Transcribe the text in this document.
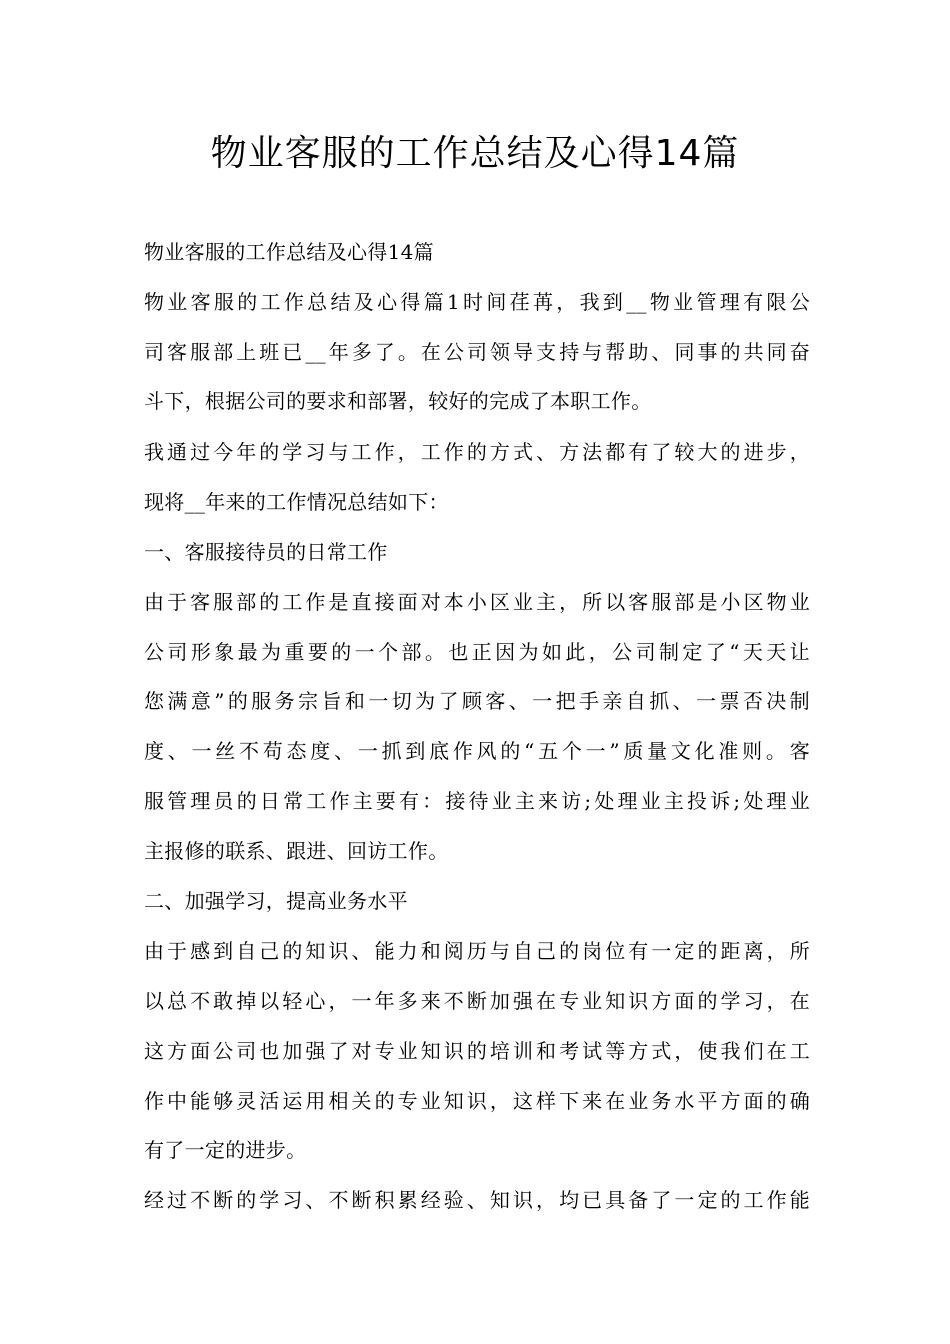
物业客服的工作总结及心得14篇

物业客服的工作总结及心得14篇

物业客服的工作总结及心得篇1时间荏苒，我到__物业管理有限公

司客服部上班已__年多了。在公司领导支持与帮助、同事的共同奋

斗下，根据公司的要求和部署，较好的完成了本职工作。

我通过今年的学习与工作，工作的方式、方法都有了较大的进步，

现将__年来的工作情况总结如下：

一、客服接待员的日常工作

由于客服部的工作是直接面对本小区业主，所以客服部是小区物业

公司形象最为重要的一个部。也正因为如此，公司制定了“天天让

您满意”的服务宗旨和一切为了顾客、一把手亲自抓、一票否决制

度、一丝不苟态度、一抓到底作风的“五个一”质量文化准则。客

服管理员的日常工作主要有：接待业主来访;处理业主投诉;处理业

主报修的联系、跟进、回访工作。

二、加强学习，提高业务水平

由于感到自己的知识、能力和阅历与自己的岗位有一定的距离，所

以总不敢掉以轻心，一年多来不断加强在专业知识方面的学习，在

这方面公司也加强了对专业知识的培训和考试等方式，使我们在工

作中能够灵活运用相关的专业知识，这样下来在业务水平方面的确

有了一定的进步。

经过不断的学习、不断积累经验、知识，均已具备了一定的工作能
